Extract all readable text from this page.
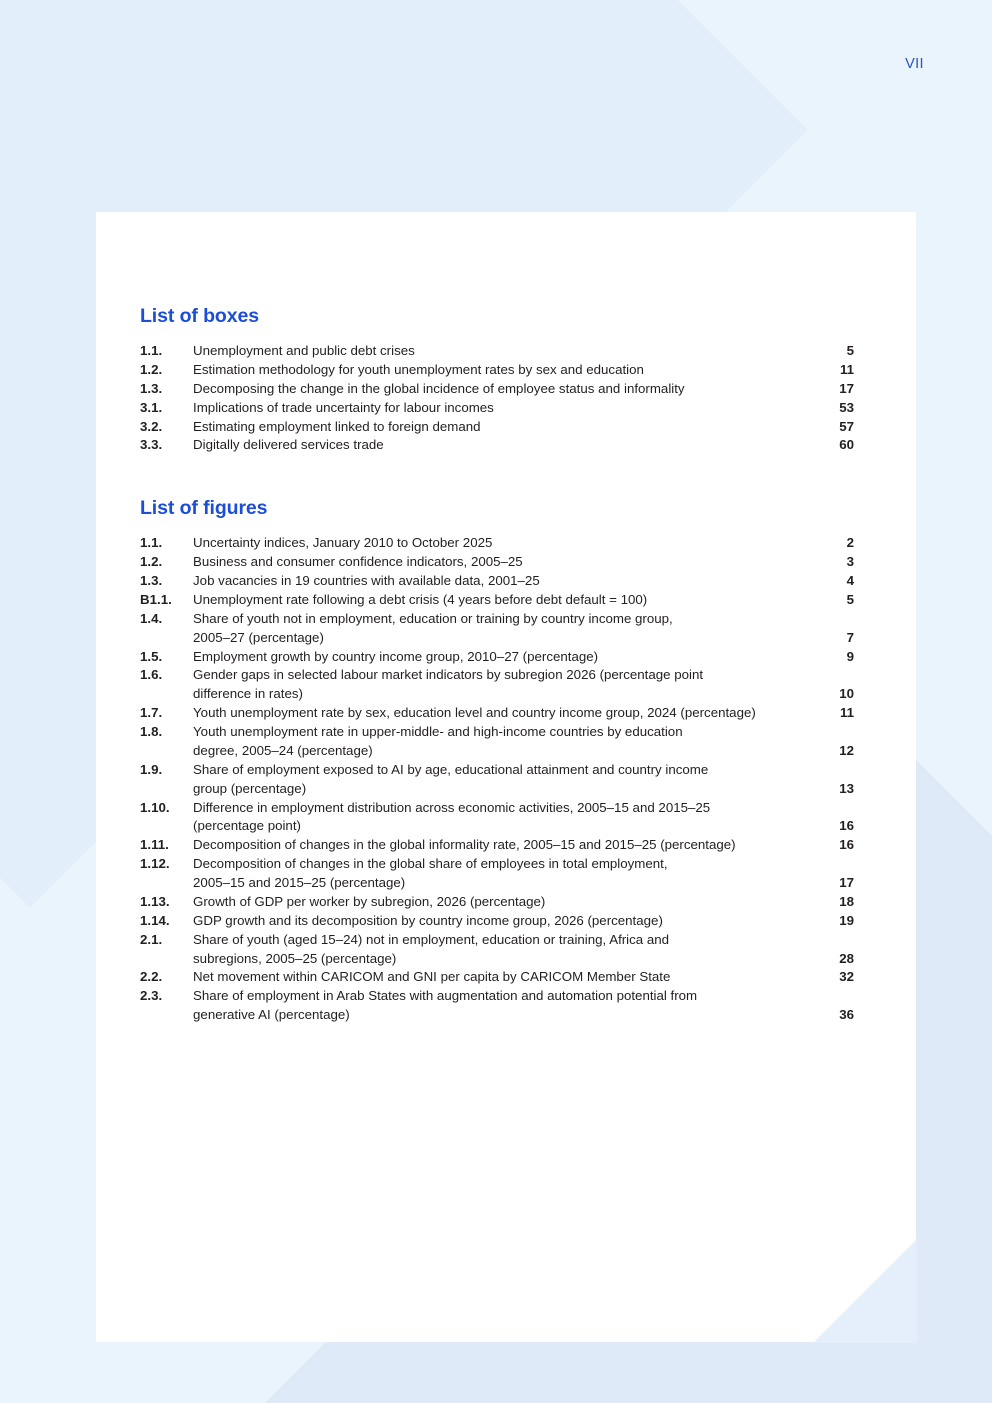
VII
List of boxes
1.1.	Unemployment and public debt crises	5
1.2.	Estimation methodology for youth unemployment rates by sex and education	11
1.3.	Decomposing the change in the global incidence of employee status and informality	17
3.1.	Implications of trade uncertainty for labour incomes	53
3.2.	Estimating employment linked to foreign demand	57
3.3.	Digitally delivered services trade	60
List of figures
1.1.	Uncertainty indices, January 2010 to October 2025	2
1.2.	Business and consumer confidence indicators, 2005–25	3
1.3.	Job vacancies in 19 countries with available data, 2001–25	4
B1.1.	Unemployment rate following a debt crisis (4 years before debt default = 100)	5
1.4.	Share of youth not in employment, education or training by country income group,
2005–27 (percentage)	7
1.5.	Employment growth by country income group, 2010–27 (percentage)	9
1.6.	Gender gaps in selected labour market indicators by subregion 2026 (percentage point
difference in rates)	10
1.7.	Youth unemployment rate by sex, education level and country income group, 2024 (percentage)	11
1.8.	Youth unemployment rate in upper-middle- and high-income countries by education
degree, 2005–24 (percentage)	12
1.9.	Share of employment exposed to AI by age, educational attainment and country income
group (percentage)	13
1.10.	Difference in employment distribution across economic activities, 2005–15 and 2015–25
(percentage point)	16
1.11.	Decomposition of changes in the global informality rate, 2005–15 and 2015–25 (percentage)	16
1.12.	Decomposition of changes in the global share of employees in total employment,
2005–15 and 2015–25 (percentage)	17
1.13.	Growth of GDP per worker by subregion, 2026 (percentage)	18
1.14.	GDP growth and its decomposition by country income group, 2026 (percentage)	19
2.1.	Share of youth (aged 15–24) not in employment, education or training, Africa and
subregions, 2005–25 (percentage)	28
2.2.	Net movement within CARICOM and GNI per capita by CARICOM Member State	32
2.3.	Share of employment in Arab States with augmentation and automation potential from
generative AI (percentage)	36
